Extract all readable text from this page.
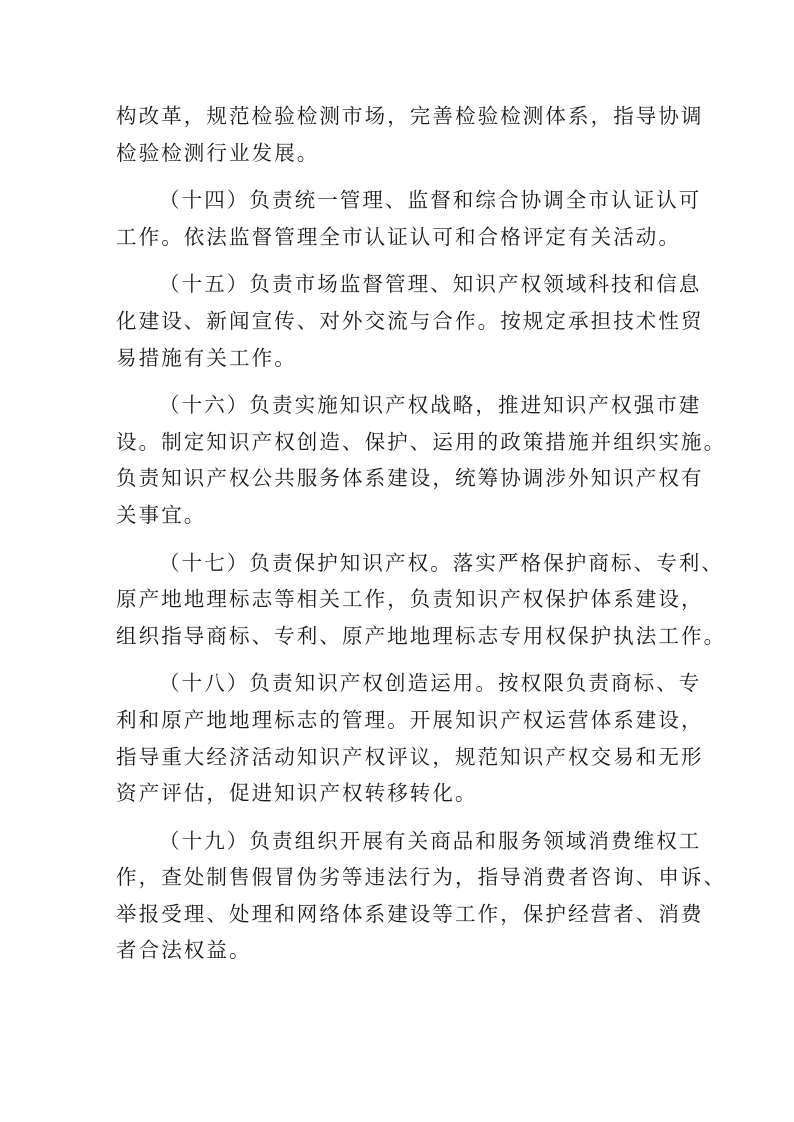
构改革，规范检验检测市场，完善检验检测体系，指导协调
检验检测行业发展。
（十四）负责统一管理、监督和综合协调全市认证认可
工作。依法监督管理全市认证认可和合格评定有关活动。
（十五）负责市场监督管理、知识产权领域科技和信息
化建设、新闻宣传、对外交流与合作。按规定承担技术性贸
易措施有关工作。
（十六）负责实施知识产权战略，推进知识产权强市建
设。制定知识产权创造、保护、运用的政策措施并组织实施。
负责知识产权公共服务体系建设，统筹协调涉外知识产权有
关事宜。
（十七）负责保护知识产权。落实严格保护商标、专利、
原产地地理标志等相关工作，负责知识产权保护体系建设，
组织指导商标、专利、原产地地理标志专用权保护执法工作。
（十八）负责知识产权创造运用。按权限负责商标、专
利和原产地地理标志的管理。开展知识产权运营体系建设，
指导重大经济活动知识产权评议，规范知识产权交易和无形
资产评估，促进知识产权转移转化。
（十九）负责组织开展有关商品和服务领域消费维权工
作，查处制售假冒伪劣等违法行为，指导消费者咨询、申诉、
举报受理、处理和网络体系建设等工作，保护经营者、消费
者合法权益。
